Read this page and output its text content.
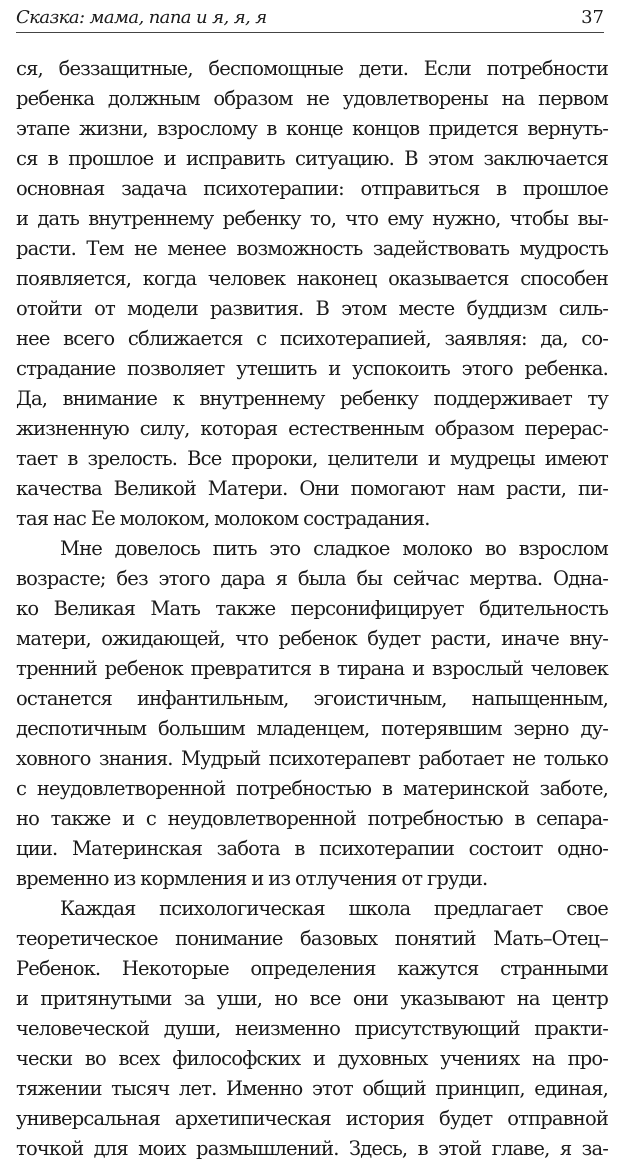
Сказка: мама, папа и я, я, я	37
ся, беззащитные, беспомощные дети. Если потребности
ребенка должным образом не удовлетворены на первом
этапе жизни, взрослому в конце концов придется вернуть-
ся в прошлое и исправить ситуацию. В этом заключается
основная задача психотерапии: отправиться в прошлое
и дать внутреннему ребенку то, что ему нужно, чтобы вы-
расти. Тем не менее возможность задействовать мудрость
появляется, когда человек наконец оказывается способен
отойти от модели развития. В этом месте буддизм силь-
нее всего сближается с психотерапией, заявляя: да, со-
страдание позволяет утешить и успокоить этого ребенка.
Да, внимание к внутреннему ребенку поддерживает ту
жизненную силу, которая естественным образом перерас-
тает в зрелость. Все пророки, целители и мудрецы имеют
качества Великой Матери. Они помогают нам расти, пи-
тая нас Ее молоком, молоком сострадания.
Мне довелось пить это сладкое молоко во взрослом
возрасте; без этого дара я была бы сейчас мертва. Одна-
ко Великая Мать также персонифицирует бдительность
матери, ожидающей, что ребенок будет расти, иначе вну-
тренний ребенок превратится в тирана и взрослый человек
останется инфантильным, эгоистичным, напыщенным,
деспотичным большим младенцем, потерявшим зерно ду-
ховного знания. Мудрый психотерапевт работает не только
с неудовлетворенной потребностью в материнской заботе,
но также и с неудовлетворенной потребностью в сепара-
ции. Материнская забота в психотерапии состоит одно-
временно из кормления и из отлучения от груди.
Каждая психологическая школа предлагает свое
теоретическое понимание базовых понятий Мать–Отец–
Ребенок. Некоторые определения кажутся странными
и притянутыми за уши, но все они указывают на центр
человеческой души, неизменно присутствующий практи-
чески во всех философских и духовных учениях на про-
тяжении тысяч лет. Именно этот общий принцип, единая,
универсальная архетипическая история будет отправной
точкой для моих размышлений. Здесь, в этой главе, я за-
